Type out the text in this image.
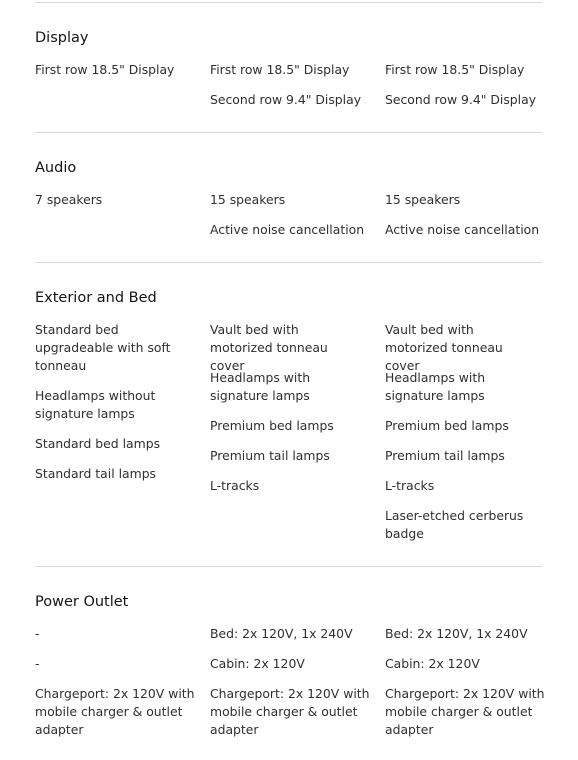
Display
First row 18.5" Display	First row 18.5" Display
Second row 9.4" Display
First row 18.5" Display
Second row 9.4" Display
Audio
7 speakers	15 speakers
Active noise cancellation
15 speakers
Active noise cancellation
Exterior and Bed
Standard bed upgradeable with soft tonneau
Headlamps without signature lamps
Standard bed lamps
Standard tail lamps
Vault bed with motorized tonneau cover
Headlamps with signature lamps
Premium bed lamps
Premium tail lamps
L-tracks
Vault bed with motorized tonneau cover
Headlamps with signature lamps
Premium bed lamps
Premium tail lamps
L-tracks
Laser-etched cerberus badge
Power Outlet
-
-
Chargeport: 2x 120V with mobile charger & outlet adapter
Bed: 2x 120V, 1x 240V
Cabin: 2x 120V
Chargeport: 2x 120V with mobile charger & outlet adapter
Bed: 2x 120V, 1x 240V
Cabin: 2x 120V
Chargeport: 2x 120V with mobile charger & outlet adapter
